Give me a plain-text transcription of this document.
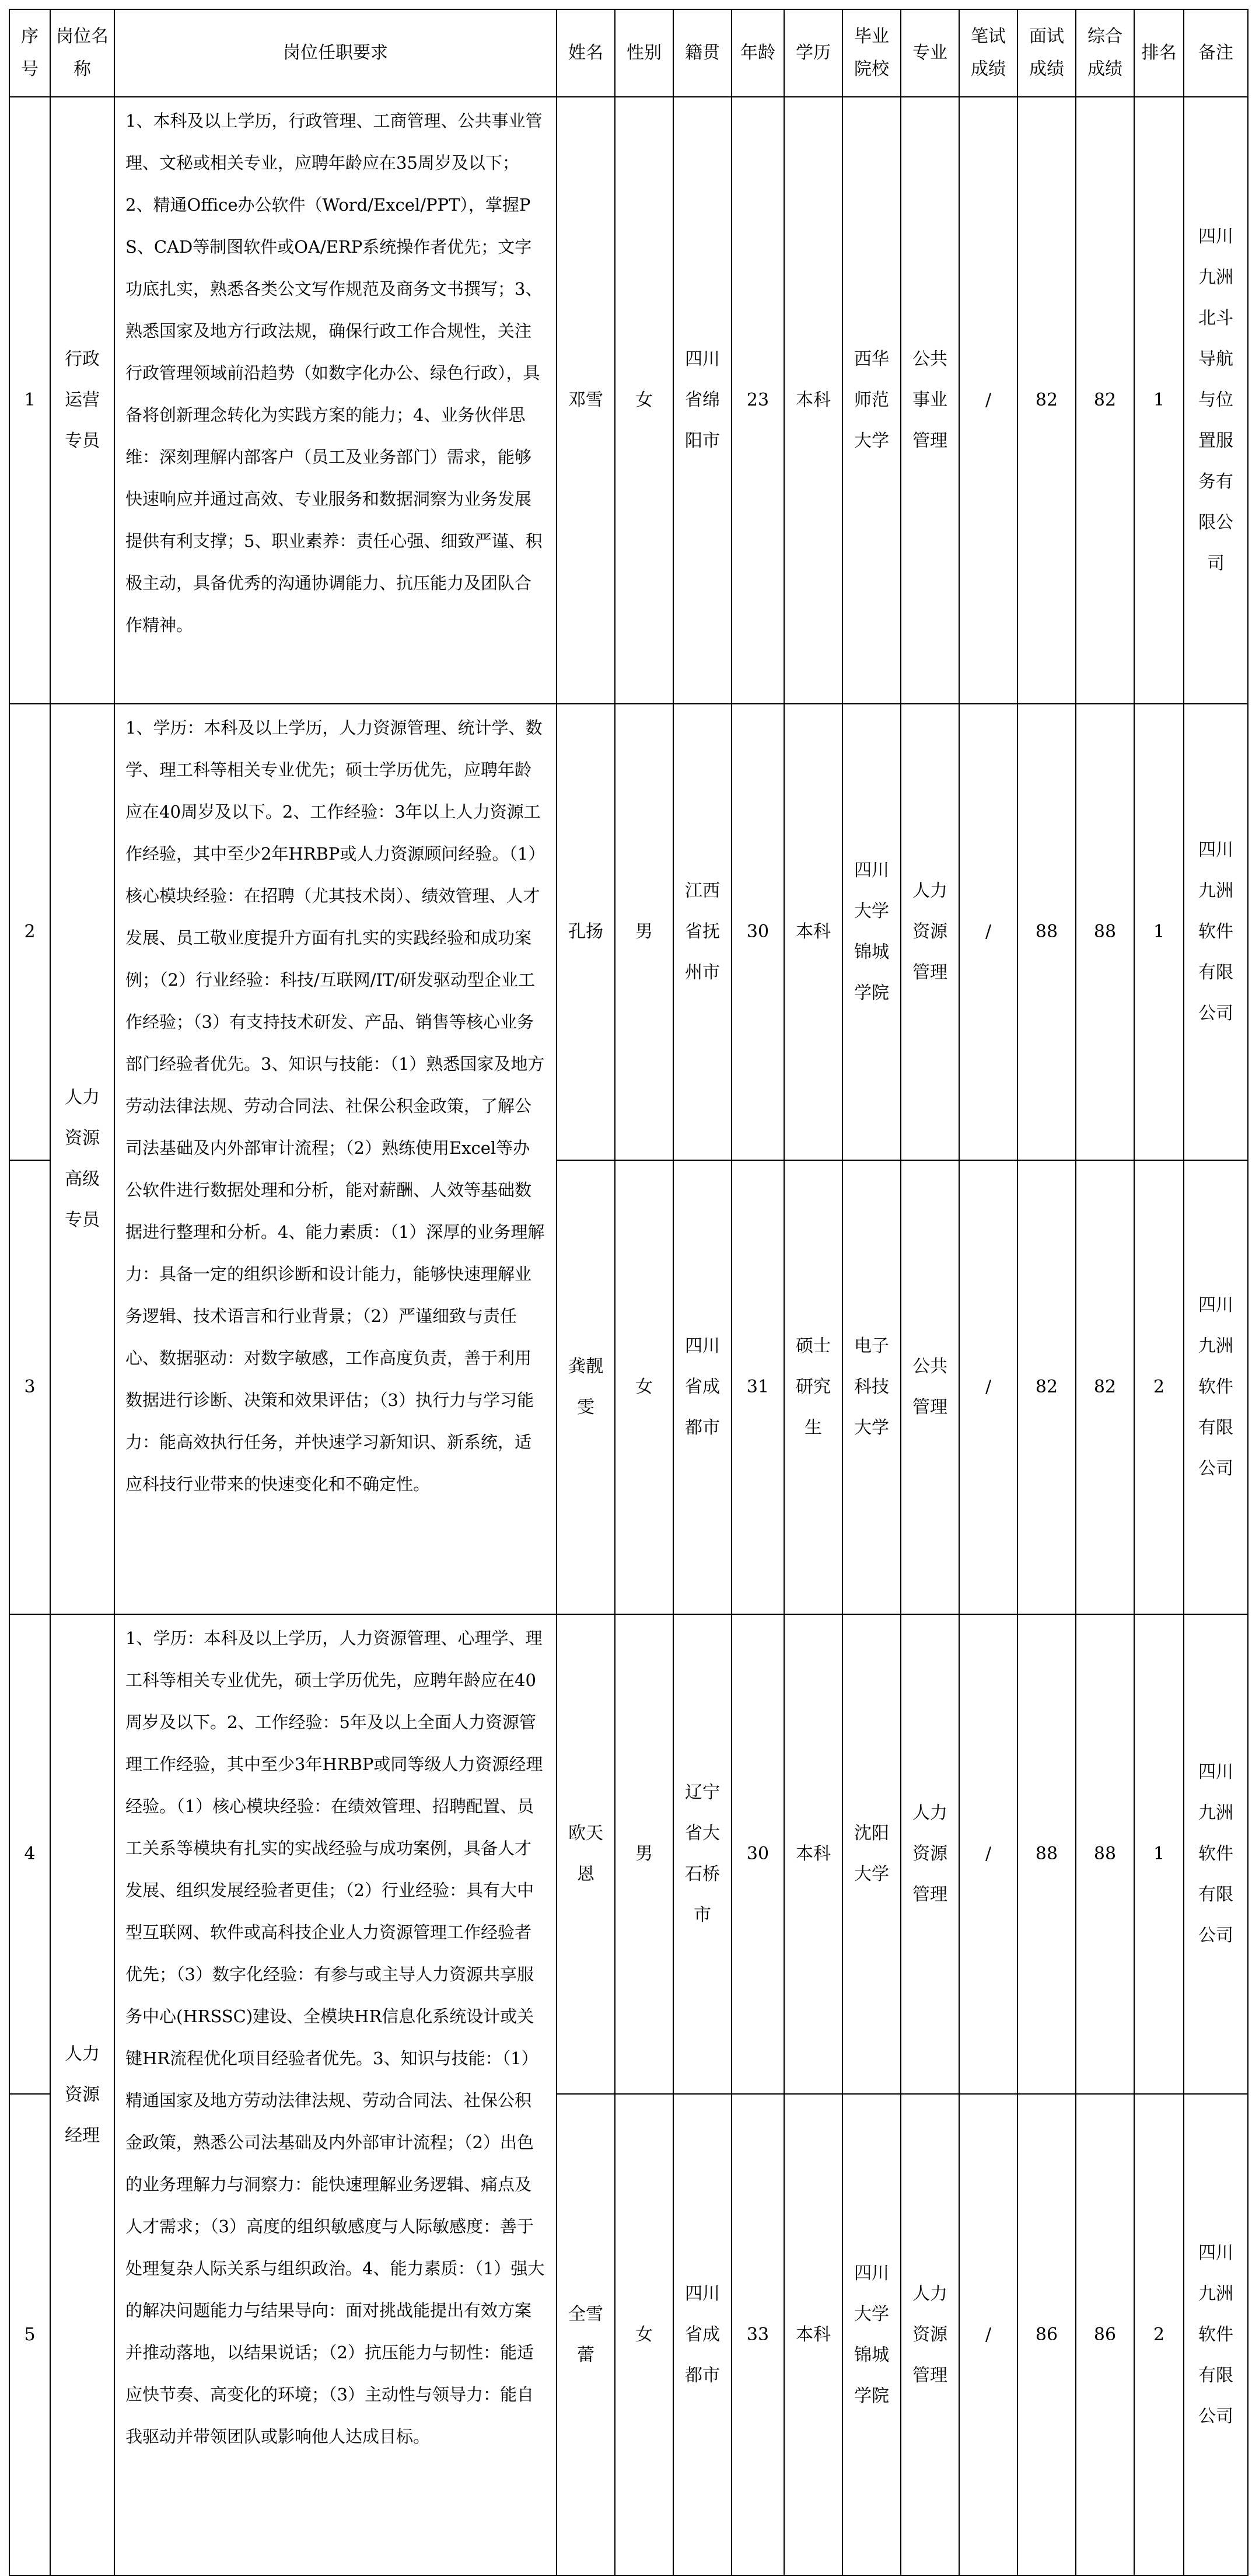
序号	岗位名称	岗位任职要求	姓名	性别	籍贯	年龄	学历	毕业院校	专业	笔试成绩	面试成绩	综合成绩	排名	备注
1	行政运营专员	1、本科及以上学历，行政管理、工商管理、公共事业管理、文秘或相关专业，应聘年龄应在35周岁及以下；2、精通Office办公软件（Word/Excel/PPT），掌握PS、CAD等制图软件或OA/ERP系统操作者优先；文字功底扎实，熟悉各类公文写作规范及商务文书撰写；3、熟悉国家及地方行政法规，确保行政工作合规性，关注行政管理领域前沿趋势（如数字化办公、绿色行政），具备将创新理念转化为实践方案的能力；4、业务伙伴思维：深刻理解内部客户（员工及业务部门）需求，能够快速响应并通过高效、专业服务和数据洞察为业务发展提供有利支撑；5、职业素养：责任心强、细致严谨、积极主动，具备优秀的沟通协调能力、抗压能力及团队合作精神。	邓雪	女	四川省绵阳市	23	本科	西华师范大学	公共事业管理	/	82	82	1	四川九洲北斗导航与位置服务有限公司
2	人力资源高级专员	1、学历：本科及以上学历，人力资源管理、统计学、数学、理工科等相关专业优先；硕士学历优先，应聘年龄应在40周岁及以下。2、工作经验：3年以上人力资源工作经验，其中至少2年HRBP或人力资源顾问经验。（1）核心模块经验：在招聘（尤其技术岗）、绩效管理、人才发展、员工敬业度提升方面有扎实的实践经验和成功案例；（2）行业经验：科技/互联网/IT/研发驱动型企业工作经验；（3）有支持技术研发、产品、销售等核心业务部门经验者优先。3、知识与技能：（1）熟悉国家及地方劳动法律法规、劳动合同法、社保公积金政策，了解公司法基础及内外部审计流程；（2）熟练使用Excel等办公软件进行数据处理和分析，能对薪酬、人效等基础数据进行整理和分析。4、能力素质：（1）深厚的业务理解力：具备一定的组织诊断和设计能力，能够快速理解业务逻辑、技术语言和行业背景；（2）严谨细致与责任心、数据驱动：对数字敏感，工作高度负责，善于利用数据进行诊断、决策和效果评估；（3）执行力与学习能力：能高效执行任务，并快速学习新知识、新系统，适应科技行业带来的快速变化和不确定性。	孔扬	男	江西省抚州市	30	本科	四川大学锦城学院	人力资源管理	/	88	88	1	四川九洲软件有限公司
3			龚靓雯	女	四川省成都市	31	硕士研究生	电子科技大学	公共管理	/	82	82	2	四川九洲软件有限公司
4	人力资源经理	1、学历：本科及以上学历，人力资源管理、心理学、理工科等相关专业优先，硕士学历优先，应聘年龄应在40周岁及以下。2、工作经验：5年及以上全面人力资源管理工作经验，其中至少3年HRBP或同等级人力资源经理经验。（1）核心模块经验：在绩效管理、招聘配置、员工关系等模块有扎实的实战经验与成功案例，具备人才发展、组织发展经验者更佳；（2）行业经验：具有大中型互联网、软件或高科技企业人力资源管理工作经验者优先；（3）数字化经验：有参与或主导人力资源共享服务中心(HRSSC)建设、全模块HR信息化系统设计或关键HR流程优化项目经验者优先。3、知识与技能：（1）精通国家及地方劳动法律法规、劳动合同法、社保公积金政策，熟悉公司法基础及内外部审计流程；（2）出色的业务理解力与洞察力：能快速理解业务逻辑、痛点及人才需求；（3）高度的组织敏感度与人际敏感度：善于处理复杂人际关系与组织政治。4、能力素质：（1）强大的解决问题能力与结果导向：面对挑战能提出有效方案并推动落地，以结果说话；（2）抗压能力与韧性：能适应快节奏、高变化的环境；（3）主动性与领导力：能自我驱动并带领团队或影响他人达成目标。	欧天恩	男	辽宁省大石桥市	30	本科	沈阳大学	人力资源管理	/	88	88	1	四川九洲软件有限公司
5			全雪蕾	女	四川省成都市	33	本科	四川大学锦城学院	人力资源管理	/	86	86	2	四川九洲软件有限公司
